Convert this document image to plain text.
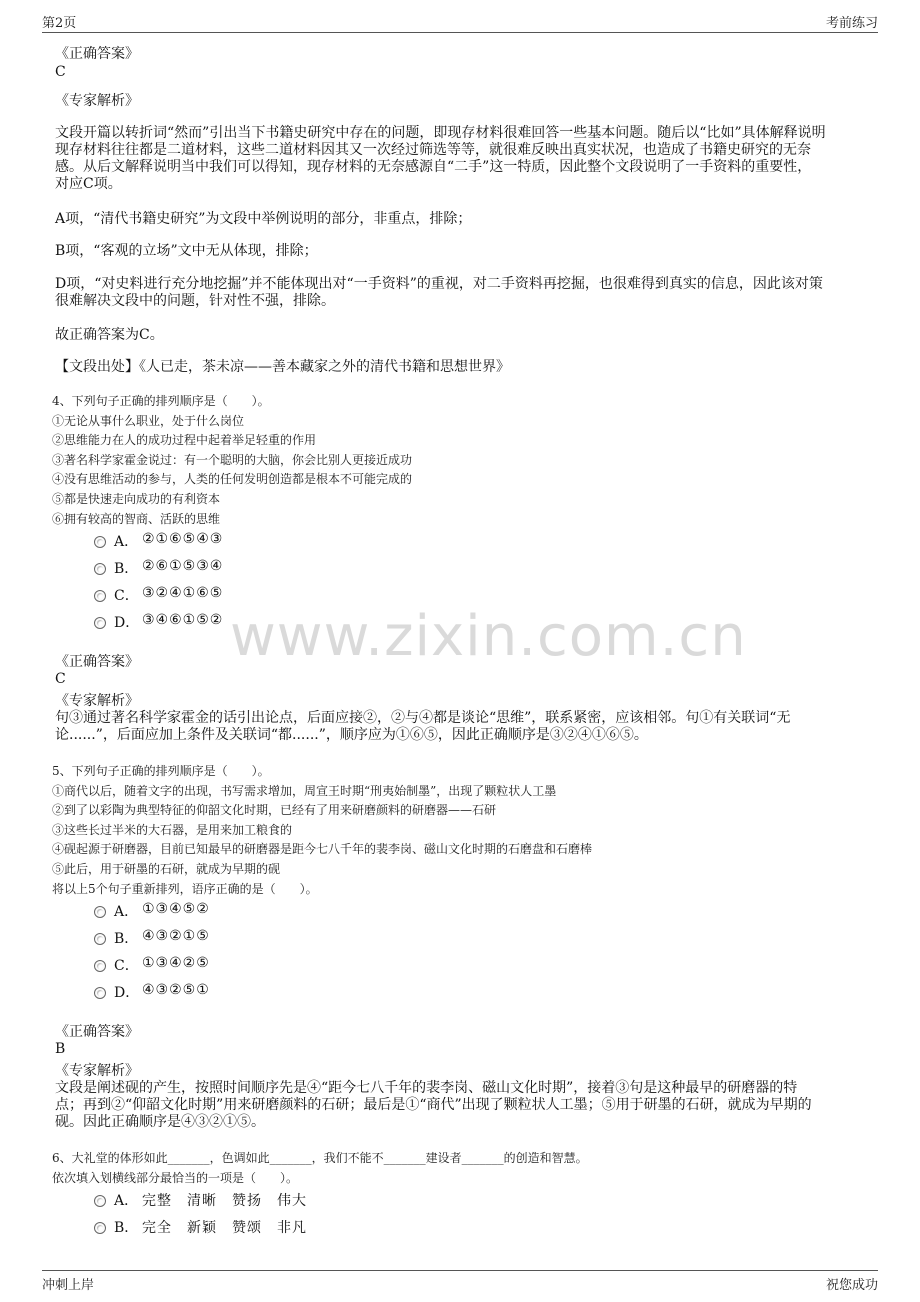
第2页	考前练习
www.zixin.com.cn
《正确答案》
C
《专家解析》
文段开篇以转折词“然而”引出当下书籍史研究中存在的问题，即现存材料很难回答一些基本问题。随后以“比如”具体解释说明
现存材料往往都是二道材料，这些二道材料因其又一次经过筛选等等，就很难反映出真实状况，也造成了书籍史研究的无奈
感。从后文解释说明当中我们可以得知，现存材料的无奈感源自“二手”这一特质，因此整个文段说明了一手资料的重要性，
对应C项。
A项，“清代书籍史研究”为文段中举例说明的部分，非重点，排除；
B项，“客观的立场”文中无从体现，排除；
D项，“对史料进行充分地挖掘”并不能体现出对“一手资料”的重视，对二手资料再挖掘，也很难得到真实的信息，因此该对策
很难解决文段中的问题，针对性不强，排除。
故正确答案为C。
【文段出处】《人已走，茶未凉——善本藏家之外的清代书籍和思想世界》
4、下列句子正确的排列顺序是（　　）。
①无论从事什么职业，处于什么岗位
②思维能力在人的成功过程中起着举足轻重的作用
③著名科学家霍金说过：有一个聪明的大脑，你会比别人更接近成功
④没有思维活动的参与，人类的任何发明创造都是根本不可能完成的
⑤都是快速走向成功的有利资本
⑥拥有较高的智商、活跃的思维
A． ②①⑥⑤④③
B． ②⑥①⑤③④
C． ③②④①⑥⑤
D． ③④⑥①⑤②
《正确答案》
C
《专家解析》
句③通过著名科学家霍金的话引出论点，后面应接②，②与④都是谈论“思维”，联系紧密，应该相邻。句①有关联词“无
论......”，后面应加上条件及关联词“都......”，顺序应为①⑥⑤，因此正确顺序是③②④①⑥⑤。
5、下列句子正确的排列顺序是（　　）。
①商代以后，随着文字的出现，书写需求增加，周宣王时期“刑夷始制墨”，出现了颗粒状人工墨
②到了以彩陶为典型特征的仰韶文化时期，已经有了用来研磨颜料的研磨器——石研
③这些长过半米的大石器，是用来加工粮食的
④砚起源于研磨器，目前已知最早的研磨器是距今七八千年的裴李岗、磁山文化时期的石磨盘和石磨棒
⑤此后，用于研墨的石研，就成为早期的砚
将以上5个句子重新排列，语序正确的是（　　）。
A． ①③④⑤②
B． ④③②①⑤
C． ①③④②⑤
D． ④③②⑤①
《正确答案》
B
《专家解析》
文段是阐述砚的产生，按照时间顺序先是④“距今七八千年的裴李岗、磁山文化时期”，接着③句是这种最早的研磨器的特
点；再到②“仰韶文化时期”用来研磨颜料的石研；最后是①“商代”出现了颗粒状人工墨；⑤用于研墨的石研，就成为早期的
砚。因此正确顺序是④③②①⑤。
6、大礼堂的体形如此_______，色调如此_______，我们不能不_______建设者_______的创造和智慧。
依次填入划横线部分最恰当的一项是（　　）。
A． 完整　清晰　赞扬　伟大
B． 完全　新颖　赞颂　非凡
冲刺上岸	祝您成功
